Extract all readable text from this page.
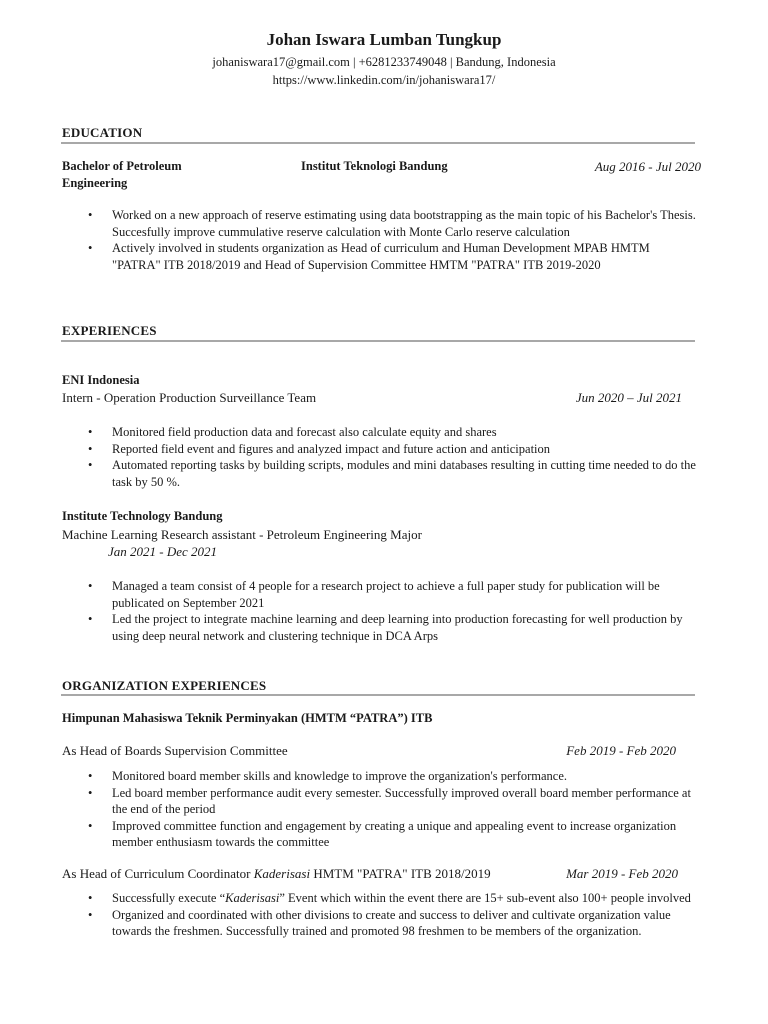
Johan Iswara Lumban Tungkup
johaniswara17@gmail.com | +6281233749048 | Bandung, Indonesia
https://www.linkedin.com/in/johaniswara17/
EDUCATION
Bachelor of Petroleum
Engineering
Institut Teknologi Bandung	Aug 2016 - Jul 2020
• Worked on a new approach of reserve estimating using data bootstrapping as the main topic of his Bachelor's Thesis. Succesfully improve cummulative reserve calculation with Monte Carlo reserve calculation
• Actively involved in students organization as Head of curriculum and Human Development MPAB HMTM "PATRA" ITB 2018/2019 and Head of Supervision Committee HMTM "PATRA" ITB 2019-2020
EXPERIENCES
ENI Indonesia
Intern - Operation Production Surveillance Team	Jun 2020 – Jul 2021
• Monitored field production data and forecast also calculate equity and shares
• Reported field event and figures and analyzed impact and future action and anticipation
• Automated reporting tasks by building scripts, modules and mini databases resulting in cutting time needed to do the task by 50 %.
Institute Technology Bandung
Machine Learning Research assistant - Petroleum Engineering Major
Jan 2021 - Dec 2021
• Managed a team consist of 4 people for a research project to achieve a full paper study for publication will be publicated on September 2021
• Led the project to integrate machine learning and deep learning into production forecasting for well production by using deep neural network and clustering technique in DCA Arps
ORGANIZATION EXPERIENCES
Himpunan Mahasiswa Teknik Perminyakan (HMTM “PATRA”) ITB
As Head of Boards Supervision Committee	Feb 2019 - Feb 2020
• Monitored board member skills and knowledge to improve the organization's performance.
• Led board member performance audit every semester. Successfully improved overall board member performance at the end of the period
• Improved committee function and engagement by creating a unique and appealing event to increase organization member enthusiasm towards the committee
As Head of Curriculum Coordinator Kaderisasi HMTM "PATRA" ITB 2018/2019	Mar 2019 - Feb 2020
• Successfully execute “Kaderisasi” Event which within the event there are 15+ sub-event also 100+ people involved
• Organized and coordinated with other divisions to create and success to deliver and cultivate organization value towards the freshmen. Successfully trained and promoted 98 freshmen to be members of the organization.
